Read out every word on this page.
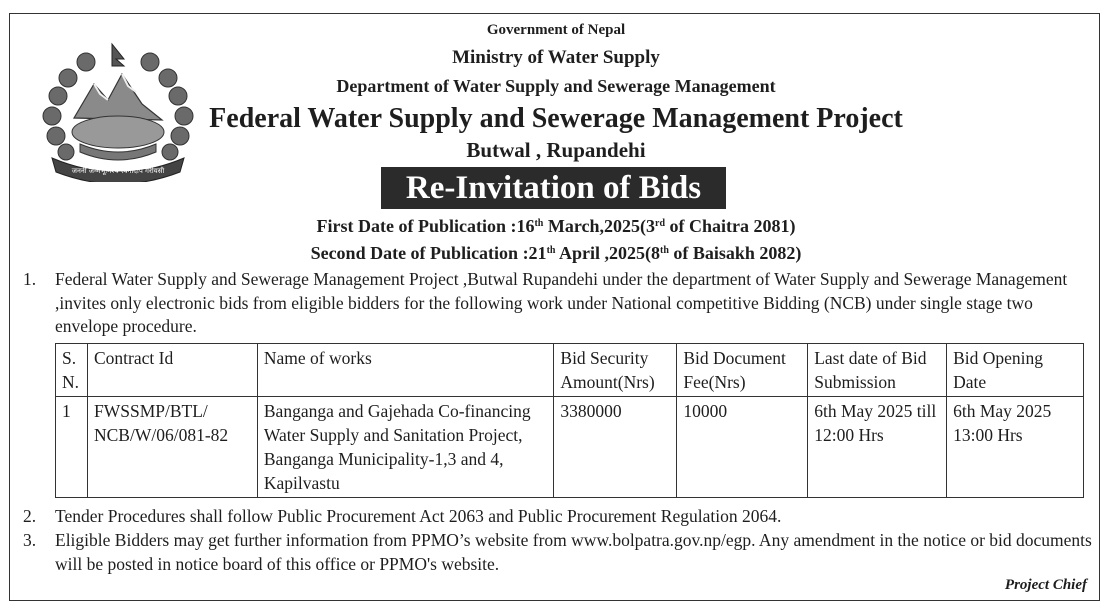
जननी जन्मभूमिश्च स्वर्गादपि गरीयसी
Government of Nepal
Ministry of Water Supply
Department of Water Supply and Sewerage Management
Federal Water Supply and Sewerage Management Project
Butwal , Rupandehi
Re-Invitation of Bids
First Date of Publication :16th March,2025(3rd of Chaitra 2081)
Second Date of Publication :21th April ,2025(8th of Baisakh 2082)
1. Federal Water Supply and Sewerage Management Project ,Butwal Rupandehi under the department of Water Supply and Sewerage Management ,invites only electronic bids from eligible bidders for the following work under National competitive Bidding (NCB) under single stage two envelope procedure.
S. N.	Contract Id	Name of works	Bid Security Amount(Nrs)	Bid Document Fee(Nrs)	Last date of Bid Submission	Bid Opening Date
1	FWSSMP/BTL/ NCB/W/06/081-82	Banganga and Gajehada Co-financing Water Supply and Sanitation Project, Banganga Municipality-1,3 and 4, Kapilvastu	3380000	10000	6th May 2025 till 12:00 Hrs	6th May 2025 13:00 Hrs
2. Tender Procedures shall follow Public Procurement Act 2063 and Public Procurement Regulation 2064.
3. Eligible Bidders may get further information from PPMO’s website from www.bolpatra.gov.np/egp. Any amendment in the notice or bid documents will be posted in notice board of this office or PPMO's website.
Project Chief
